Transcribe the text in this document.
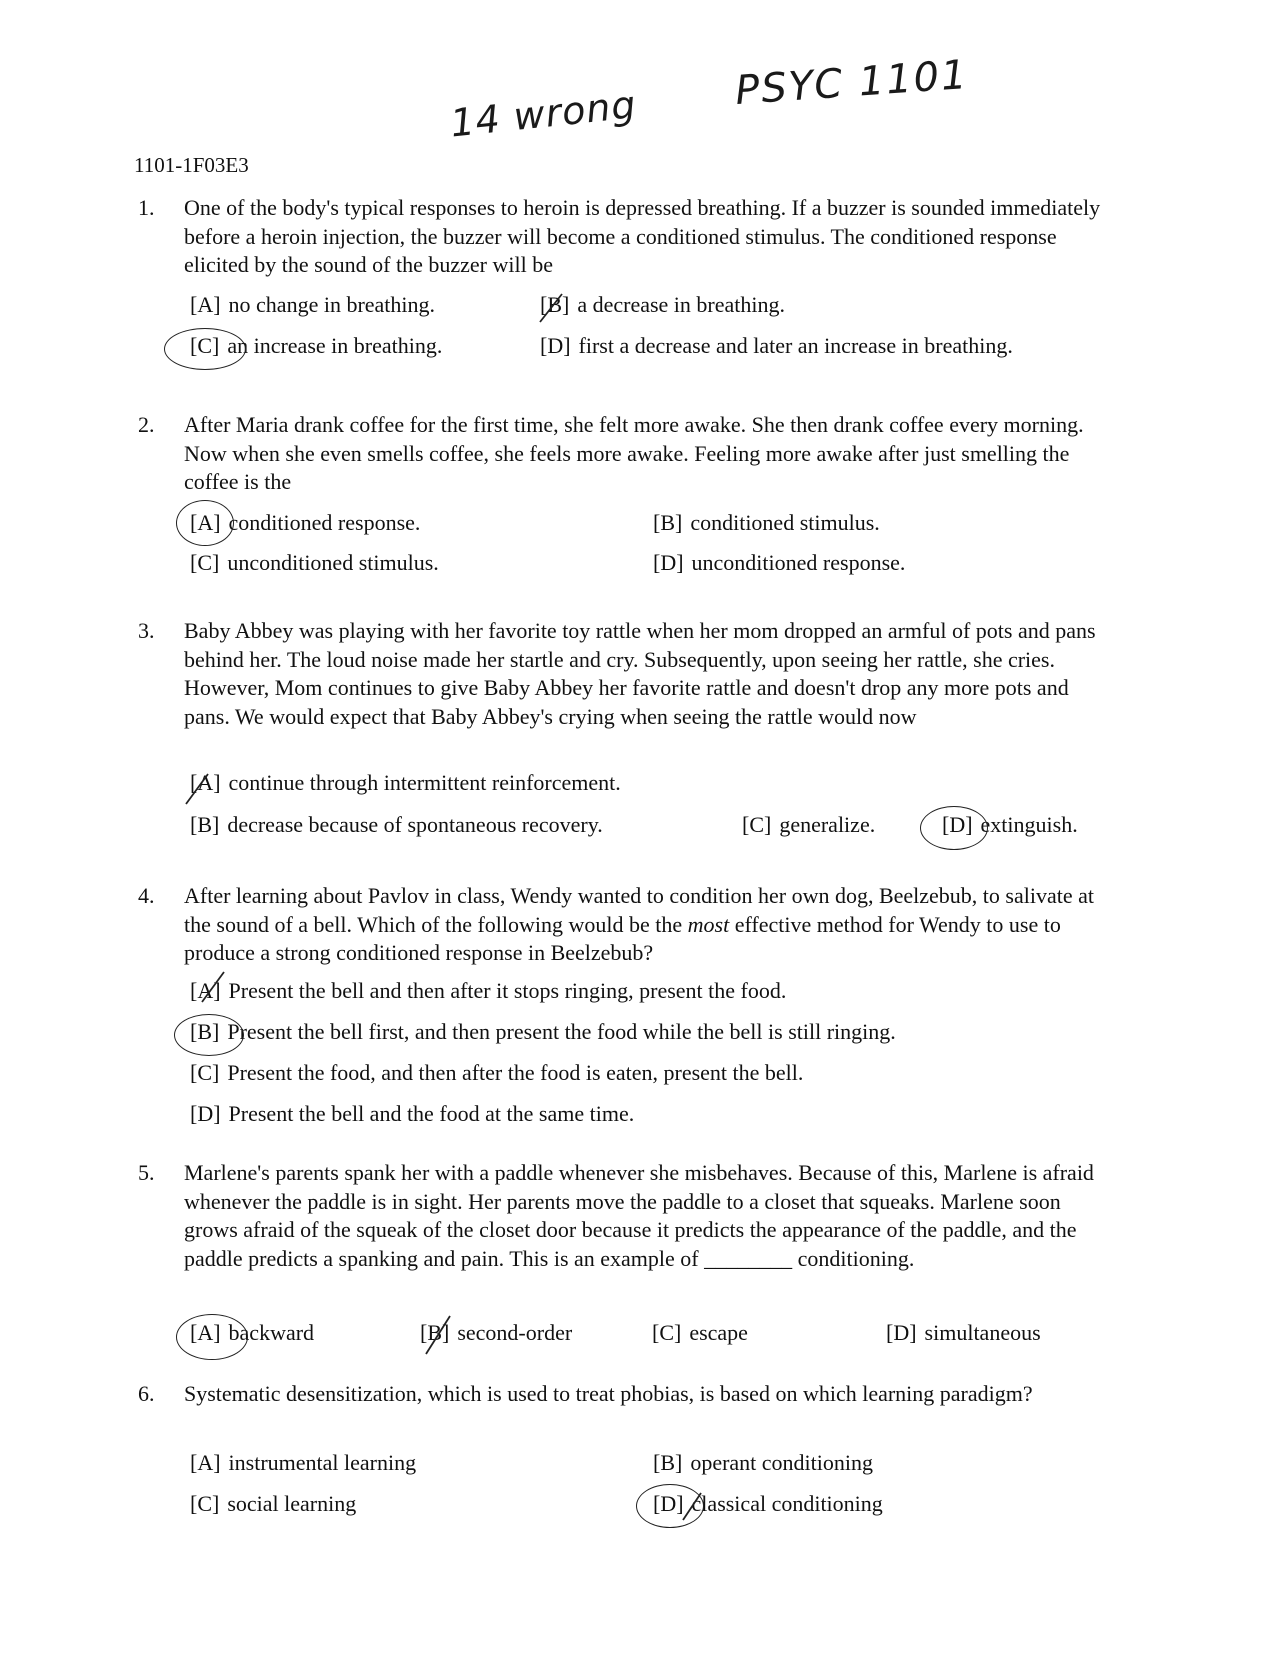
PSYC 1101
14 wrong
1101-1F03E3
1.	One of the body's typical responses to heroin is depressed breathing. If a buzzer is sounded immediately before a heroin injection, the buzzer will become a conditioned stimulus. The conditioned response elicited by the sound of the buzzer will be
[A] no change in breathing.	[B] a decrease in breathing.
[C] an increase in breathing.	[D] first a decrease and later an increase in breathing.
2.	After Maria drank coffee for the first time, she felt more awake. She then drank coffee every morning. Now when she even smells coffee, she feels more awake. Feeling more awake after just smelling the coffee is the
[A] conditioned response.	[B] conditioned stimulus.
[C] unconditioned stimulus.	[D] unconditioned response.
3.	Baby Abbey was playing with her favorite toy rattle when her mom dropped an armful of pots and pans behind her. The loud noise made her startle and cry. Subsequently, upon seeing her rattle, she cries. However, Mom continues to give Baby Abbey her favorite rattle and doesn't drop any more pots and pans. We would expect that Baby Abbey's crying when seeing the rattle would now
[A] continue through intermittent reinforcement.
[B] decrease because of spontaneous recovery.	[C] generalize.	[D] extinguish.
4.	After learning about Pavlov in class, Wendy wanted to condition her own dog, Beelzebub, to salivate at the sound of a bell. Which of the following would be the most effective method for Wendy to use to produce a strong conditioned response in Beelzebub?
[A] Present the bell and then after it stops ringing, present the food.
[B] Present the bell first, and then present the food while the bell is still ringing.
[C] Present the food, and then after the food is eaten, present the bell.
[D] Present the bell and the food at the same time.
5.	Marlene's parents spank her with a paddle whenever she misbehaves. Because of this, Marlene is afraid whenever the paddle is in sight. Her parents move the paddle to a closet that squeaks. Marlene soon grows afraid of the squeak of the closet door because it predicts the appearance of the paddle, and the paddle predicts a spanking and pain. This is an example of ________ conditioning.
[A] backward	[B] second-order	[C] escape	[D] simultaneous
6.	Systematic desensitization, which is used to treat phobias, is based on which learning paradigm?
[A] instrumental learning	[B] operant conditioning
[C] social learning	[D] classical conditioning
